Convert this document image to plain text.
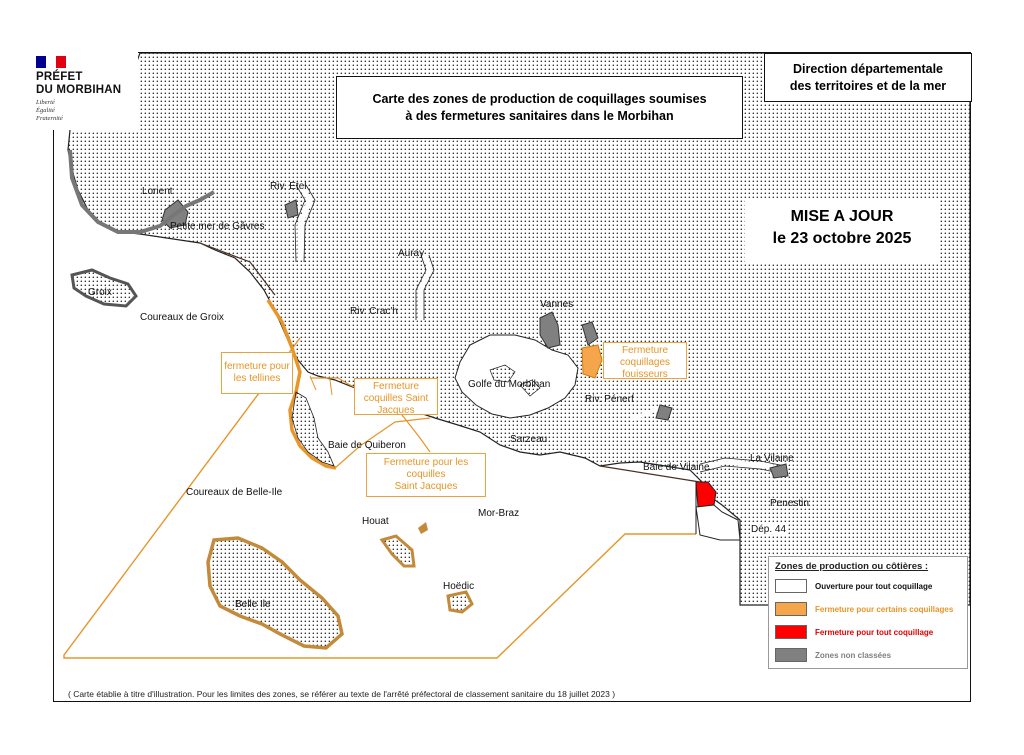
PRÉFET
DU MORBIHAN
Liberté
Égalité
Fraternité
Carte des zones de production de coquillages soumises
à des fermetures sanitaires dans le Morbihan
Direction départementale
des territoires et de la mer
MISE A JOUR
le 23 octobre 2025
Lorient
Petite mer de Gâvres
Riv. Etel
Groix
Coureaux de Groix
Auray
Riv. Crac'h
Vannes
Golfe du Morbihan
Riv. Pénerf
Baie de Quiberon
Sarzeau
Baie de Vilaine
La Vilaine
Penestin
Dép. 44
Coureaux de Belle-Ile
Houat
Mor-Braz
Hoëdic
Belle Ile
fermeture pour
les tellines
Fermeture
coquillages
fouisseurs
Fermeture
coquilles Saint
Jacques
Fermeture pour les
coquilles
Saint Jacques
Zones de production ou côtières :
Ouverture pour tout coquillage
Fermeture pour certains coquillages
Fermeture pour tout coquillage
Zones non classées
( Carte établie à titre d'illustration. Pour les limites des zones, se référer au texte de l'arrêté préfectoral de classement sanitaire du 18 juillet 2023 )
